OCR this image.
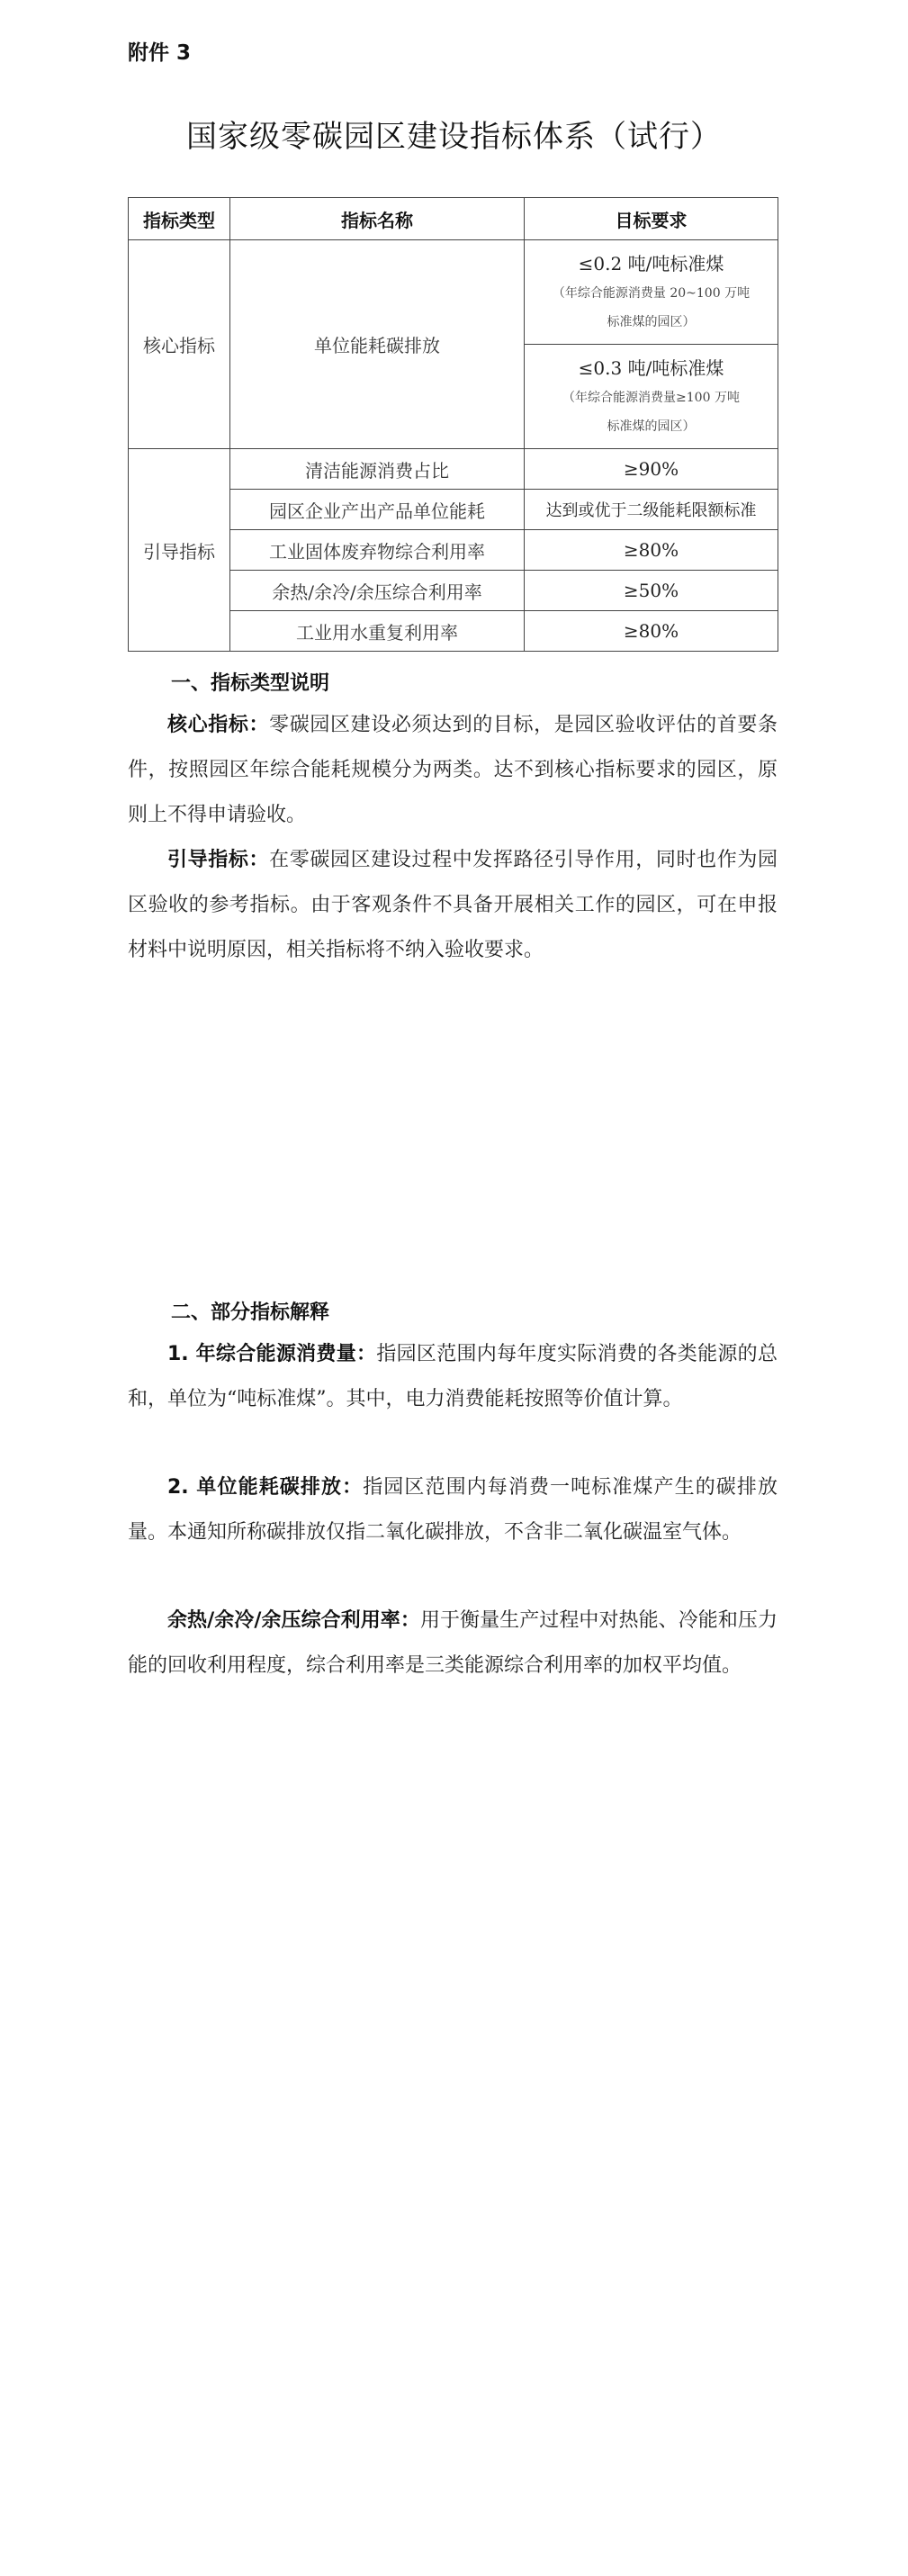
附件 3
国家级零碳园区建设指标体系（试行）
指标类型	指标名称	目标要求
核心指标	单位能耗碳排放	≤0.2 吨/吨标准煤
（年综合能源消费量 20~100 万吨
标准煤的园区）

		≤0.3 吨/吨标准煤
（年综合能源消费量≥100 万吨
标准煤的园区）

引导指标	清洁能源消费占比	≥90%
	园区企业产出产品单位能耗	达到或优于二级能耗限额标准
	工业固体废弃物综合利用率	≥80%
	余热/余冷/余压综合利用率	≥50%
	工业用水重复利用率	≥80%
一、指标类型说明

核心指标：零碳园区建设必须达到的目标，是园区验收评估的首要条件，按照园区年综合能耗规模分为两类。达不到核心指标要求的园区，原则上不得申请验收。

引导指标：在零碳园区建设过程中发挥路径引导作用，同时也作为园区验收的参考指标。由于客观条件不具备开展相关工作的园区，可在申报材料中说明原因，相关指标将不纳入验收要求。

二、部分指标解释

1. 年综合能源消费量：指园区范围内每年度实际消费的各类能源的总和，单位为“吨标准煤”。其中，电力消费能耗按照等价值计算。

2. 单位能耗碳排放：指园区范围内每消费一吨标准煤产生的碳排放量。本通知所称碳排放仅指二氧化碳排放，不含非二氧化碳温室气体。

余热/余冷/余压综合利用率：用于衡量生产过程中对热能、冷能和压力能的回收利用程度，综合利用率是三类能源综合利用率的加权平均值。
